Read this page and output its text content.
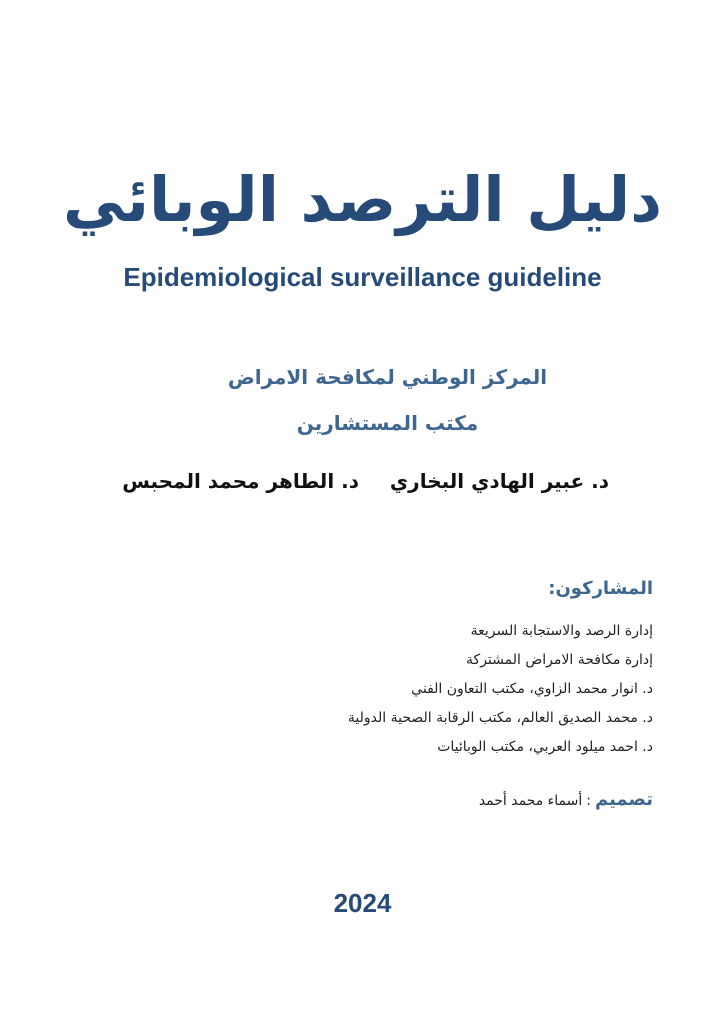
دليل الترصد الوبائي
Epidemiological surveillance guideline
المركز الوطني لمكافحة الامراض
مكتب المستشارين
د. عبير الهادي البخاري
د. الطاهر محمد المحبس
المشاركون:
إدارة الرصد والاستجابة السريعة
إدارة مكافحة الامراض المشتركة
د. انوار محمد الزاوي، مكتب التعاون الفني
د. محمد الصديق العالم، مكتب الرقابة الصحية الدولية
د. احمد ميلود العربي، مكتب الوبائيات
تصميم:أسماء محمد أحمد
2024
